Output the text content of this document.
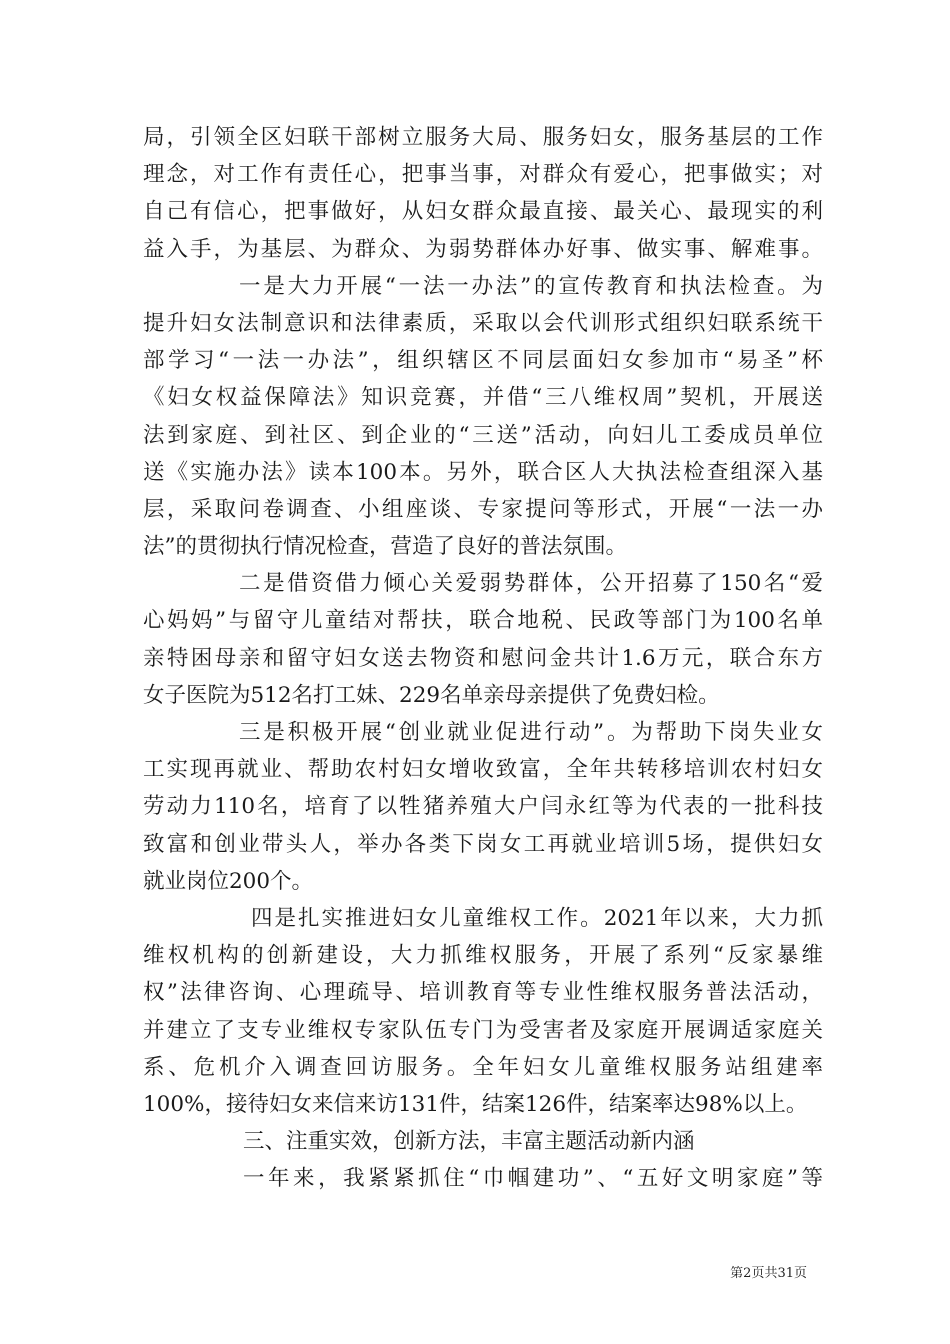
局，引领全区妇联干部树立服务大局、服务妇女，服务基层的工作
理念，对工作有责任心，把事当事，对群众有爱心，把事做实；对
自己有信心，把事做好，从妇女群众最直接、最关心、最现实的利
益入手，为基层、为群众、为弱势群体办好事、做实事、解难事。
一是大力开展“一法一办法”的宣传教育和执法检查。为
提升妇女法制意识和法律素质，采取以会代训形式组织妇联系统干
部学习“一法一办法”，组织辖区不同层面妇女参加市“易圣”杯
《妇女权益保障法》知识竞赛，并借“三八维权周”契机，开展送
法到家庭、到社区、到企业的“三送”活动，向妇儿工委成员单位
送《实施办法》读本100本。另外，联合区人大执法检查组深入基
层，采取问卷调查、小组座谈、专家提问等形式，开展“一法一办
法”的贯彻执行情况检查，营造了良好的普法氛围。
二是借资借力倾心关爱弱势群体，公开招募了150名“爱
心妈妈”与留守儿童结对帮扶，联合地税、民政等部门为100名单
亲特困母亲和留守妇女送去物资和慰问金共计1.6万元，联合东方
女子医院为512名打工妹、229名单亲母亲提供了免费妇检。
三是积极开展“创业就业促进行动”。为帮助下岗失业女
工实现再就业、帮助农村妇女增收致富，全年共转移培训农村妇女
劳动力110名，培育了以牲猪养殖大户闫永红等为代表的一批科技
致富和创业带头人，举办各类下岗女工再就业培训5场，提供妇女
就业岗位200个。
四是扎实推进妇女儿童维权工作。2021年以来，大力抓
维权机构的创新建设，大力抓维权服务，开展了系列“反家暴维
权”法律咨询、心理疏导、培训教育等专业性维权服务普法活动，
并建立了支专业维权专家队伍专门为受害者及家庭开展调适家庭关
系、危机介入调查回访服务。全年妇女儿童维权服务站组建率
100%，接待妇女来信来访131件，结案126件，结案率达98%以上。
三、注重实效，创新方法，丰富主题活动新内涵
一年来，我紧紧抓住“巾帼建功”、“五好文明家庭”等
第2页共31页
